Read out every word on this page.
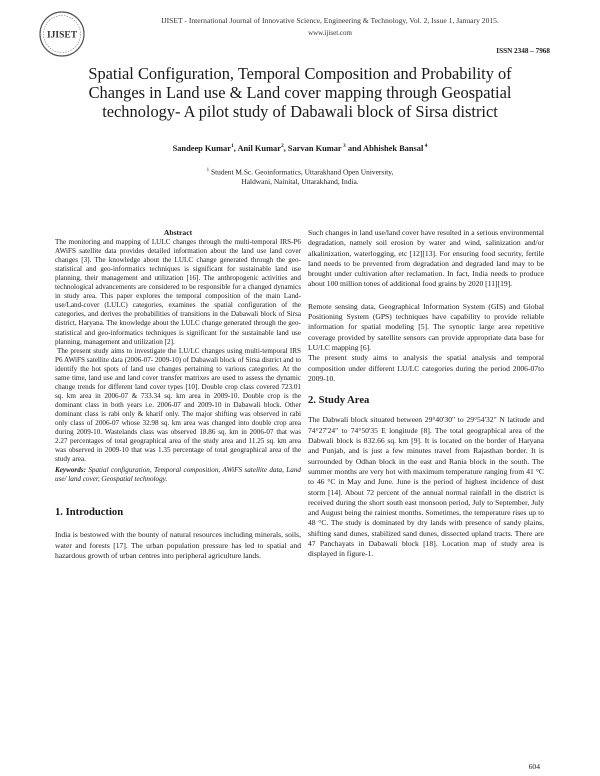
IJISET
IJISET - International Journal of Innovative Science, Engineering & Technology, Vol. 2, Issue 1, January 2015.
www.ijiset.com
ISSN 2348 – 7968
Spatial Configuration, Temporal Composition and Probability of
Changes in Land use & Land cover mapping through Geospatial
technology- A pilot study of Dabawali block of Sirsa district
Sandeep Kumar$^1$, Anil Kumar$^2$, Sarvan Kumar $^3$ and Abhishek Bansal $^4$
$^1$ Student M.Sc. Geoinformatics, Uttarakhand Open University,
Haldwani, Nainital, Uttarakhand, India.
Abstract

The monitoring and mapping of LULC changes through the multi-temporal IRS-P6 AWiFS satellite data provides detailed information about the land use land cover changes [3]. The knowledge about the LULC change generated through the geo-statistical and geo-informatics techniques is significant for sustainable land use planning, their management and utilization [16]. The anthropogenic activities and technological advancements are considered to be responsible for a changed dynamics in study area. This paper explores the temporal composition of the main Land-use/Land-cover (LULC) categories, examines the spatial configuration of the categories, and derives the probabilities of transitions in the Dabawali block of Sirsa district, Haryana. The knowledge about the LULC change generated through the geo-statistical and geo-informatics techniques is significant for the sustainable land use planning, management and utilization [2].

The present study aims to investigate the LU/LC changes using multi-temporal IRS P6 AWiFS satellite data (2006-07- 2009-10) of Dabawali block of Sirsa district and to identify the hot spots of land use changes pertaining to various categories. At the same time, land use and land cover transfer matrixes are used to assess the dynamic change trends for different land cover types [10]. Double crop class covered 723.01 sq. km area in 2006-07 & 733.34 sq. km area in 2009-10. Double crop is the dominant class in both years i.e. 2006-07 and 2009-10 in Dabawali block. Other dominant class is rabi only & kharif only. The major shifting was observed in rabi only class of 2006-07 whose 32.98 sq. km area was changed into double crop area during 2009-10. Wastelands class was observed 18.86 sq. km in 2006-07 that was 2.27 percentages of total geographical area of the study area and 11.25 sq. km area was observed in 2009-10 that was 1.35 percentage of total geographical area of the study area.

Keywords: Spatial configuration, Temporal composition, AWiFS satellite data, Land use/ land cover, Geospatial technology.

1. Introduction

India is bestowed with the bounty of natural resources including minerals, soils, water and forests [17]. The urban population pressure has led to spatial and hazardous growth of urban centres into peripheral agriculture lands.

Such changes in land use/land cover have resulted in a serious environmental degradation, namely soil erosion by water and wind, salinization and/or alkalinization, waterlogging, etc [12][13]. For ensuring food security, fertile land needs to be prevented from degradation and degraded land may to be brought under cultivation after reclamation. In fact, India needs to produce about 100 million tones of additional food grains by 2020 [11][19].

Remote sensing data, Geographical Information System (GIS) and Global Positioning System (GPS) techniques have capability to provide reliable information for spatial modeling [5]. The synoptic large area repetitive coverage provided by satellite sensors can provide appropriate data base for LU/LC mapping [6].

The present study aims to analysis the spatial analysis and temporal composition under different LU/LC categories during the period 2006-07to 2009-10.

2. Study Area

The Dabwali block situated between 29°40'30" to 29°54'32" N latitude and 74°27'24" to 74°50'35 E longitude [8]. The total geographical area of the Dabwali block is 832.66 sq. km [9]. It is located on the border of Haryana and Punjab, and is just a few minutes travel from Rajasthan border. It is surrounded by Odhan block in the east and Rania block in the south. The summer months are very hot with maximum temperature ranging from 41 °C to 46 °C in May and June. June is the period of highest incidence of dust storm [14]. About 72 percent of the annual normal rainfall in the district is received during the short south east monsoon period, July to September, July and August being the rainiest months. Sometimes, the temperature rises up to 48 °C. The study is dominated by dry lands with presence of sandy plains, shifting sand dunes, stabilized sand dunes, dissected upland tracts. There are 47 Panchayats in Dabawali block [18]. Location map of study area is displayed in figure-1.

604
